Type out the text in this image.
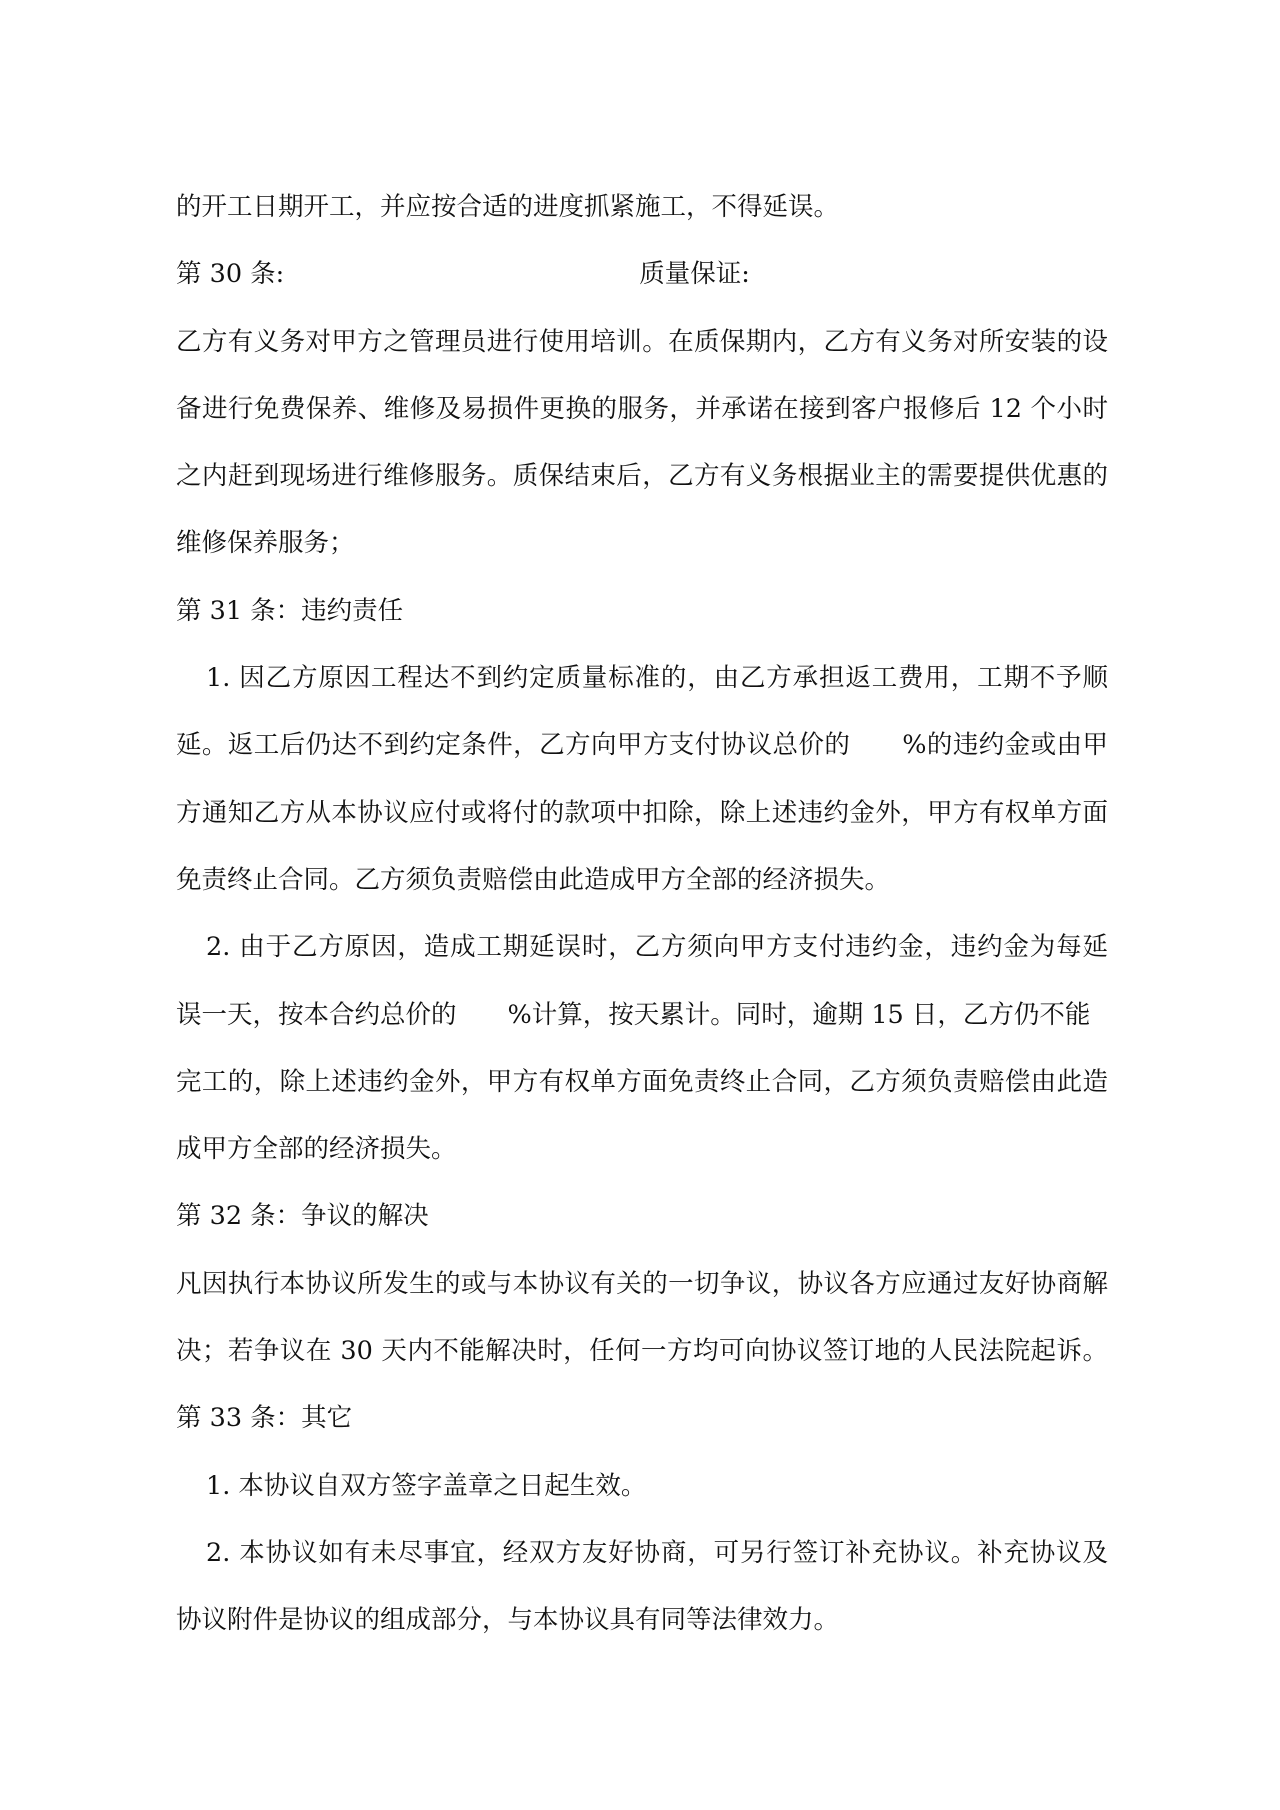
的开工日期开工，并应按合适的进度抓紧施工，不得延误。
第 30 条:	质量保证:
乙方有义务对甲方之管理员进行使用培训。在质保期内，乙方有义务对所安装的设
备进行免费保养、维修及易损件更换的服务，并承诺在接到客户报修后 12 个小时
之内赶到现场进行维修服务。质保结束后，乙方有义务根据业主的需要提供优惠的
维修保养服务；
第 31 条：违约责任
1. 因乙方原因工程达不到约定质量标准的，由乙方承担返工费用，工期不予顺
延。返工后仍达不到约定条件，乙方向甲方支付协议总价的　　%的违约金或由甲
方通知乙方从本协议应付或将付的款项中扣除，除上述违约金外，甲方有权单方面
免责终止合同。乙方须负责赔偿由此造成甲方全部的经济损失。
2. 由于乙方原因，造成工期延误时，乙方须向甲方支付违约金，违约金为每延
误一天，按本合约总价的　　%计算，按天累计。同时，逾期 15 日，乙方仍不能
完工的，除上述违约金外，甲方有权单方面免责终止合同，乙方须负责赔偿由此造
成甲方全部的经济损失。
第 32 条：争议的解决
凡因执行本协议所发生的或与本协议有关的一切争议，协议各方应通过友好协商解
决；若争议在 30 天内不能解决时，任何一方均可向协议签订地的人民法院起诉。
第 33 条：其它
1. 本协议自双方签字盖章之日起生效。
2. 本协议如有未尽事宜，经双方友好协商，可另行签订补充协议。补充协议及
协议附件是协议的组成部分，与本协议具有同等法律效力。
